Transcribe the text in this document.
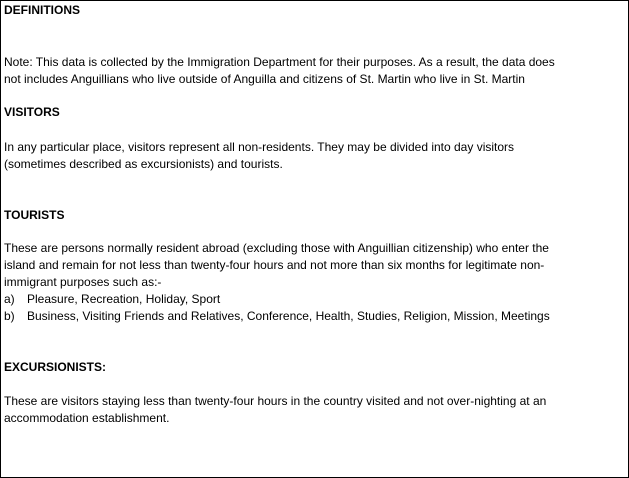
DEFINITIONS
Note: This data is collected by the Immigration Department for their purposes. As a result, the data does
not includes Anguillians who live outside of Anguilla and citizens of St. Martin who live in St. Martin
VISITORS
In any particular place, visitors represent all non-residents. They may be divided into day visitors
(sometimes described as excursionists) and tourists.
TOURISTS
These are persons normally resident abroad (excluding those with Anguillian citizenship) who enter the
island and remain for not less than twenty-four hours and not more than six months for legitimate non-
immigrant purposes such as:-
a) Pleasure, Recreation, Holiday, Sport
b) Business, Visiting Friends and Relatives, Conference, Health, Studies, Religion, Mission, Meetings
EXCURSIONISTS:
These are visitors staying less than twenty-four hours in the country visited and not over-nighting at an
accommodation establishment.
